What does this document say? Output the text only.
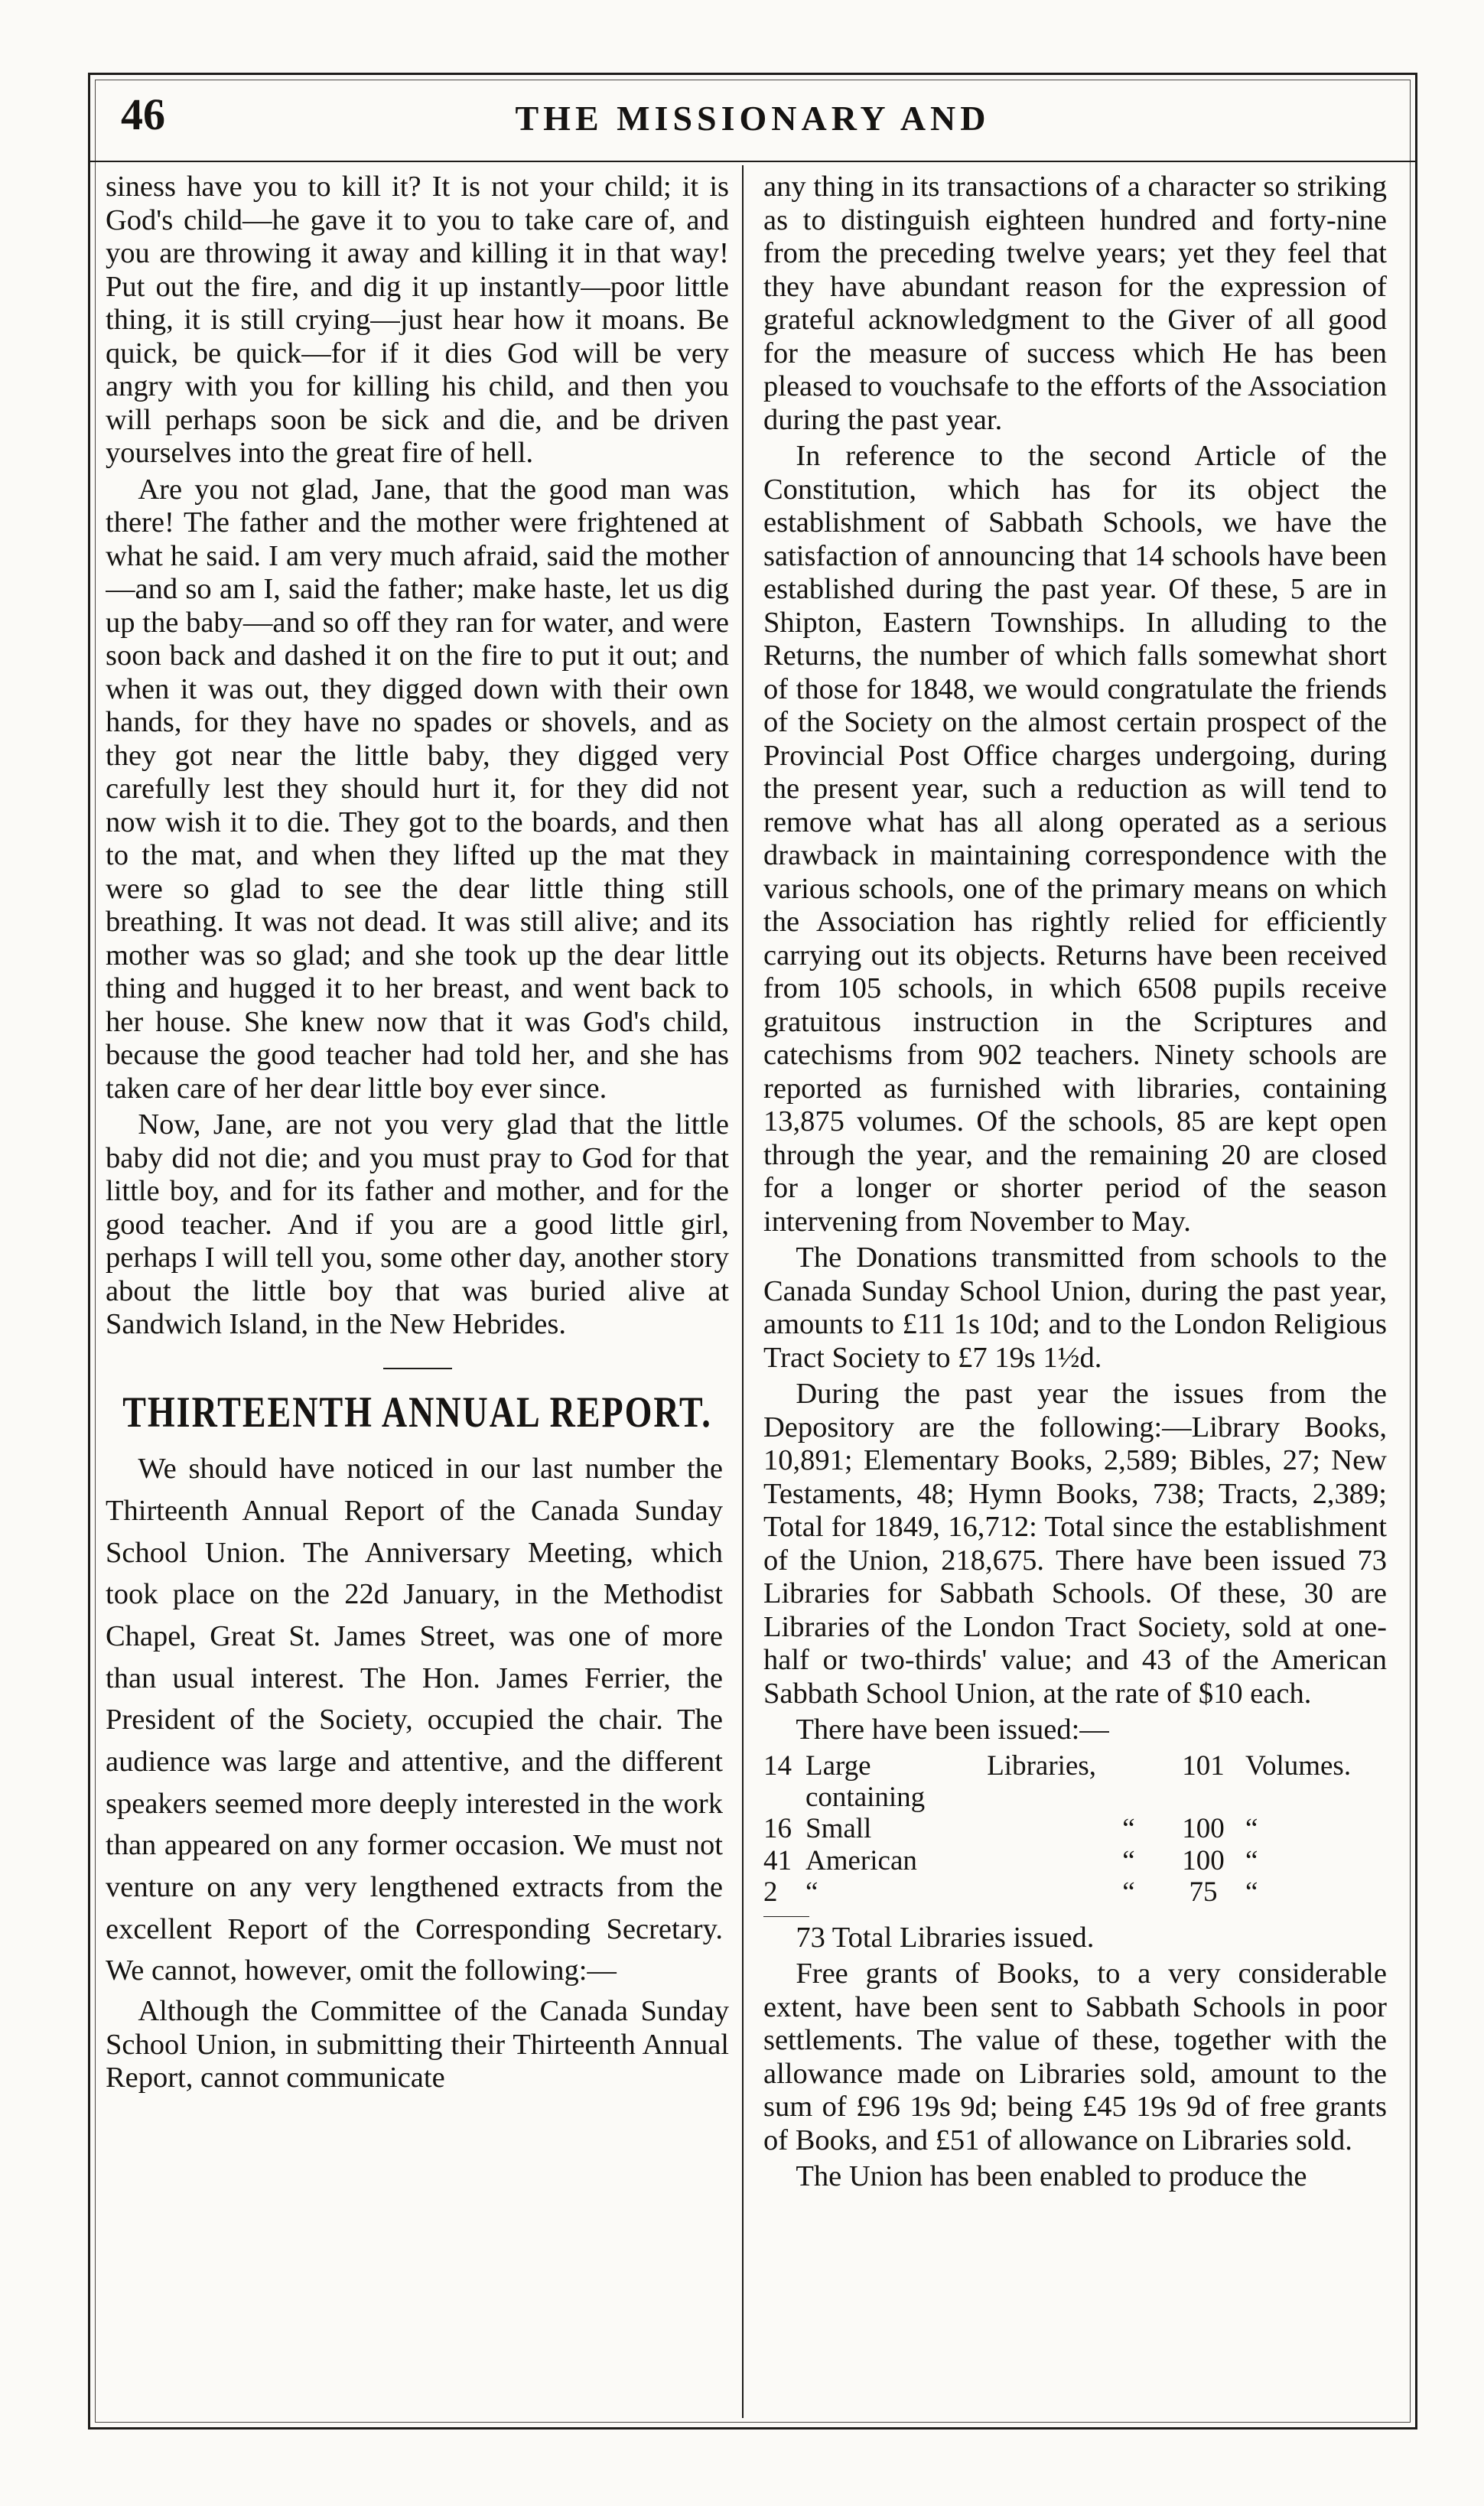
46	THE MISSIONARY AND

siness have you to kill it? It is not your child; it is God's child—he gave it to you to take care of, and you are throwing it away and killing it in that way! Put out the fire, and dig it up instantly—poor little thing, it is still crying—just hear how it moans. Be quick, be quick—for if it dies God will be very angry with you for killing his child, and then you will perhaps soon be sick and die, and be driven yourselves into the great fire of hell.

Are you not glad, Jane, that the good man was there! The father and the mother were frightened at what he said. I am very much afraid, said the mother—and so am I, said the father; make haste, let us dig up the baby—and so off they ran for water, and were soon back and dashed it on the fire to put it out; and when it was out, they digged down with their own hands, for they have no spades or shovels, and as they got near the little baby, they digged very carefully lest they should hurt it, for they did not now wish it to die. They got to the boards, and then to the mat, and when they lifted up the mat they were so glad to see the dear little thing still breathing. It was not dead. It was still alive; and its mother was so glad; and she took up the dear little thing and hugged it to her breast, and went back to her house. She knew now that it was God's child, because the good teacher had told her, and she has taken care of her dear little boy ever since.

Now, Jane, are not you very glad that the little baby did not die; and you must pray to God for that little boy, and for its father and mother, and for the good teacher. And if you are a good little girl, perhaps I will tell you, some other day, another story about the little boy that was buried alive at Sandwich Island, in the New Hebrides.

THIRTEENTH ANNUAL REPORT.

We should have noticed in our last number the Thirteenth Annual Report of the Canada Sunday School Union. The Anniversary Meeting, which took place on the 22d January, in the Methodist Chapel, Great St. James Street, was one of more than usual interest. The Hon. James Ferrier, the President of the Society, occupied the chair. The audience was large and attentive, and the different speakers seemed more deeply interested in the work than appeared on any former occasion. We must not venture on any very lengthened extracts from the excellent Report of the Corresponding Secretary. We cannot, however, omit the following:—

Although the Committee of the Canada Sunday School Union, in submitting their Thirteenth Annual Report, cannot communicate

any thing in its transactions of a character so striking as to distinguish eighteen hundred and forty-nine from the preceding twelve years; yet they feel that they have abundant reason for the expression of grateful acknowledgment to the Giver of all good for the measure of success which He has been pleased to vouchsafe to the efforts of the Association during the past year.

In reference to the second Article of the Constitution, which has for its object the establishment of Sabbath Schools, we have the satisfaction of announcing that 14 schools have been established during the past year. Of these, 5 are in Shipton, Eastern Townships. In alluding to the Returns, the number of which falls somewhat short of those for 1848, we would congratulate the friends of the Society on the almost certain prospect of the Provincial Post Office charges undergoing, during the present year, such a reduction as will tend to remove what has all along operated as a serious drawback in maintaining correspondence with the various schools, one of the primary means on which the Association has rightly relied for efficiently carrying out its objects. Returns have been received from 105 schools, in which 6508 pupils receive gratuitous instruction in the Scriptures and catechisms from 902 teachers. Ninety schools are reported as furnished with libraries, containing 13,875 volumes. Of the schools, 85 are kept open through the year, and the remaining 20 are closed for a longer or shorter period of the season intervening from November to May.

The Donations transmitted from schools to the Canada Sunday School Union, during the past year, amounts to £11 1s 10d; and to the London Religious Tract Society to £7 19s 1½d.

During the past year the issues from the Depository are the following:—Library Books, 10,891; Elementary Books, 2,589; Bibles, 27; New Testaments, 48; Hymn Books, 738; Tracts, 2,389; Total for 1849, 16,712: Total since the establishment of the Union, 218,675. There have been issued 73 Libraries for Sabbath Schools. Of these, 30 are Libraries of the London Tract Society, sold at one-half or two-thirds' value; and 43 of the American Sabbath School Union, at the rate of $10 each.

There have been issued:—

14	Large Libraries, containing		101	Volumes.
16	Small	“	100	“
41	American	“	100	“
2	“	“	75	“

73 Total Libraries issued.

Free grants of Books, to a very considerable extent, have been sent to Sabbath Schools in poor settlements. The value of these, together with the allowance made on Libraries sold, amount to the sum of £96 19s 9d; being £45 19s 9d of free grants of Books, and £51 of allowance on Libraries sold.

The Union has been enabled to produce the
